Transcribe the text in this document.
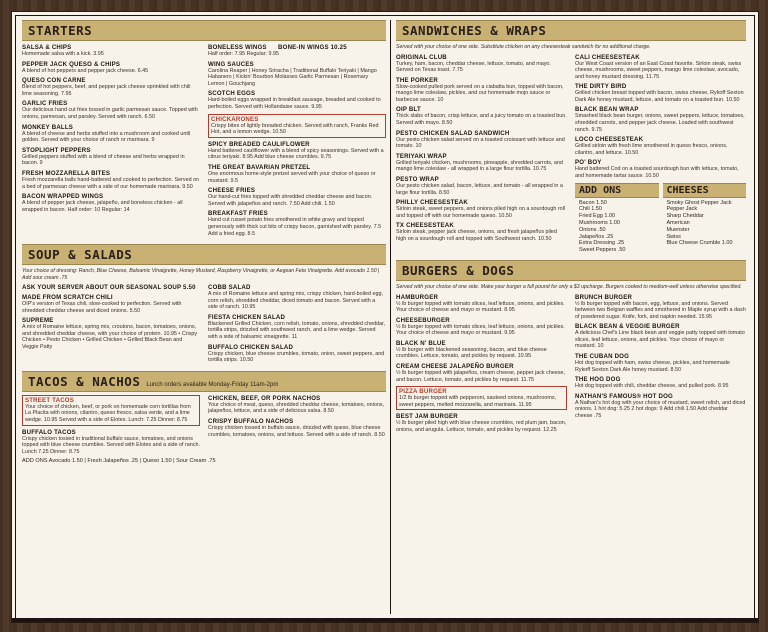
STARTERS
SALSA & CHIPS
Homemade salsa with a kick. 3.95
PEPPER JACK QUESO & CHIPS
A blend of hot peppers and pepper jack cheese. 6.45
QUESO CON CARNE
Blend of hot peppers, beef, and pepper jack cheese sprinkled with chili lime seasoning. 7.95
GARLIC FRIES
Our delicious hand cut fries tossed in garlic parmesan sauce. Topped with onions, parmesan, and parsley. Served with ranch. 6.50
MONKEY BALLS
A blend of cheese and herbs stuffed into a mushroom and cooked until golden. Served with your choice of ranch or marinara. 9
STOPLIGHT PEPPERS
Grilled peppers stuffed with a blend of cheese and herbs wrapped in bacon. 9
FRESH MOZZARELLA BITES
Fresh mozzarella balls hand-battered and cooked to perfection. Served on a bed of parmesan cheese with a side of our homemade marinara. 9.50
BACON WRAPPED WINGS
A blend of pepper jack cheese, jalapeño, and boneless chicken - all wrapped in bacon. Half order: 10 Regular: 14
BONELESS WINGS BONE-IN WINGS 10.25
Half order: 7.95 Regular: 9.95
WING SAUCES
Carolina Reaper | Honey Sriracha | Traditional Buffalo Teriyaki | Mango Habanero | Kickin' Bourbon Molasses Garlic Parmesan | Rosemary Lemon | Gouchjang
SCOTCH EGGS
Hard-boiled eggs wrapped in breakfast sausage, breaded and cooked to perfection. Served with Hollandaise sauce. 9.95
CHICKARONES
Crispy bites of lightly breaded chicken. Served with ranch, Franks Red Hot, and a lemon wedge. 10.50
SPICY BREADED CAULIFLOWER
Hand battered cauliflower with a blend of spicy seasonings. Served with a citrus teriyaki. 8.95 Add blue cheese crumbles. 9.75
THE GREAT BAVARIAN PRETZEL
One enormous home-style pretzel served with your choice of queso or mustard. 9.5
CHEESE FRIES
Our hand-cut fries topped with shredded cheddar cheese and bacon. Served with jalapeños and ranch. 7.50 Add chili. 1.50
BREAKFAST FRIES
Hand cut russet potato fries smothered in white gravy and topped generously with thick cut bits of crispy bacon, garnished with parsley. 7.5 Add a fried egg. 8.5
SOUP & SALADS
Your choice of dressing: Ranch, Blue Cheese, Balsamic Vinaigrette, Honey Mustard, Raspberry Vinaigrette, or Aegean Feta Vinaigrette. Add avocado 1.50 | Add sour cream .75
ASK YOUR SERVER ABOUT OUR SEASONAL SOUP 5.50
MADE FROM SCRATCH CHILI
OIP's version of Texas chili, slow-cooked to perfection. Served with shredded cheddar cheese and diced onions. 5.50
SUPREME
A mix of Romaine lettuce, spring mix, croutons, bacon, tomatoes, onions, and shredded cheddar cheese, with your choice of protein. 10.95 • Crispy Chicken • Pesto Chicken • Grilled Chicken • Grilled Black Bean and Veggie Patty
COBB SALAD
A mix of Romaine lettuce and spring mix, crispy chicken, hard-boiled egg, corn relish, shredded cheddar, diced tomato and bacon. Served with a side of ranch. 10.95
FIESTA CHICKEN SALAD
Blackened Grilled Chicken, corn relish, tomato, onions, shredded cheddar, tortilla strips, drizzled with southwest ranch, and a lime wedge. Served with a side of balsamic vinaigrette. 11
BUFFALO CHICKEN SALAD
Crispy chicken, blue cheese crumbles, tomato, onion, sweet peppers, and tortilla strips. 10.50
TACOS & NACHOS Lunch orders available Monday-Friday 11am-2pm
STREET TACOS
Your choice of chicken, beef, or pork on homemade corn tortillas from La Placita with onions, cilantro, queso fresco, salsa verde, and a lime wedge. 10.95 Served with a side of Elotes. Lunch: 7.25 Dinner: 8.75
BUFFALO TACOS
Crispy chicken tossed in traditional buffalo sauce, tomatoes, and onions topped with blue cheese crumbles. Served with Elotes and a side of ranch. Lunch 7.25 Dinner: 8.75
CHICKEN, BEEF, OR PORK NACHOS
Your choice of meat, queso, shredded cheddar cheese, tomatoes, onions, jalapeños, lettuce, and a side of delicious salsa. 8.50
CRISPY BUFFALO NACHOS
Crispy chicken tossed in buffalo sauce, drizzled with queso, blue cheese crumbles, tomatoes, onions, and lettuce. Served with a side of ranch. 8.50
ADD ONS Avocado 1.50 | Fresh Jalapeños .25 | Queso 1.50 | Sour Cream .75
SANDWICHES & WRAPS
Served with your choice of one side. Substitute chicken on any cheesesteak sandwich for no additional charge.
ORIGINAL CLUB
Turkey, ham, bacon, cheddar cheese, lettuce, tomato, and mayo. Served on Texas toast. 7.75
THE PORKER
Slow-cooked pulled pork served on a ciabatta bun, topped with bacon, mango lime coleslaw, pickles, and our homemade mojo sauce or barbecue sauce. 10
OIP BLT
Thick slabs of bacon, crisp lettuce, and a juicy tomato on a toasted bun. Served with mayo. 8.50
PESTO CHICKEN SALAD SANDWICH
Our pesto chicken salad served on a toasted croissant with lettuce and tomato. 10
TERIYAKI WRAP
Grilled teriyaki chicken, mushrooms, pineapple, shredded carrots, and mango lime coleslaw - all wrapped in a large flour tortilla. 10.75
PESTO WRAP
Our pesto chicken salad, bacon, lettuce, and tomato - all wrapped in a large flour tortilla. 8.50
PHILLY CHEESESTEAK
Sirloin steak, sweet peppers, and onions piled high on a sourdough roll and topped off with our homemade queso. 10.50
TX CHEESESTEAK
Sirloin steak, pepper jack cheese, onions, and fresh jalapeños piled high on a sourdough roll and topped with Southwest ranch. 10.50
CALI CHEESESTEAK
Our West Coast version of an East Coast favorite. Sirloin steak, swiss cheese, mushrooms, sweet peppers, mango lime coleslaw, avocado, and honey mustard dressing. 11.75
THE DIRTY BIRD
Grilled chicken breast topped with bacon, swiss cheese, Rykoff Sexton Dark Ale honey mustard, lettuce, and tomato on a toasted bun. 10.50
BLACK BEAN WRAP
Smashed black bean burger, onions, sweet peppers, lettuce, tomatoes, shredded carrots, and pepper jack cheese. Loaded with southwest ranch. 9.75
LOCO CHEESESTEAK
Grilled sirloin with fresh lime smothered in queso fresco, onions, cilantro, and lettuce. 10.50
PO' BOY
Hand battered Cod on a toasted sourdough bun with lettuce, tomato, and homemade tartar sauce. 10.50
ADD ONS
Bacon 1.50
Chili 1.50
Fried Egg 1.00
Mushrooms 1.00
Onions .50
Jalapeños .25
Extra Dressing .25
Sweet Peppers .50
CHEESES
Smoky Ghost Pepper Jack
Pepper Jack
Sharp Cheddar
American
Muenster
Swiss
Blue Cheese Crumble 1.00
BURGERS & DOGS
Served with your choice of one side. Make your burger a full pound for only a $3 upcharge. Burgers cooked to medium-well unless otherwise specified.
HAMBURGER
½ lb burger topped with tomato slices, leaf lettuce, onions, and pickles. Your choice of cheese and mayo or mustard. 8.95
CHEESEBURGER
½ lb burger topped with tomato slices, leaf lettuce, onions, and pickles. Your choice of cheese and mayo or mustard. 9.95
BLACK N' BLUE
½ lb burger with blackened seasoning, bacon, and blue cheese crumbles. Lettuce, tomato, and pickles by request. 10.95
CREAM CHEESE JALAPEÑO BURGER
½ lb burger topped with jalapeños, cream cheese, pepper jack cheese, and bacon. Lettuce, tomato, and pickles by request. 11.75
PIZZA BURGER
1/2 lb burger topped with pepperoni, sauteed onions, mushrooms, sweet peppers, melted mozzarella, and marinara. 11.95
BEST JAM BURGER
½ lb burger piled high with blue cheese crumbles, red plum jam, bacon, onions, and arugula. Lettuce, tomato, and pickles by request. 12.25
BRUNCH BURGER
½ lb burger topped with bacon, egg, lettuce, and onions. Served between two Belgian waffles and smothered in Maple syrup with a dash of powdered sugar. Knife, fork, and napkin needed. 15.95
BLACK BEAN & VEGGIE BURGER
A delicious Chef's Line black bean and veggie patty topped with tomato slices, leaf lettuce, onions, and pickles. Your choice of mayo or mustard. 10
THE CUBAN DOG
Hot dog topped with ham, swiss cheese, pickles, and homemade Rykoff Sexton Dark Ale honey mustard. 8.50
THE HOG DOG
Hot dog topped with chili, cheddar cheese, and pulled pork. 8.95
NATHAN'S FAMOUS® HOT DOG
A Nathan's hot dog with your choice of mustard, sweet relish, and diced onions. 1 hot dog: 5.25 2 hot dogs: 9 Add chili 1.50 Add cheddar cheese .75
